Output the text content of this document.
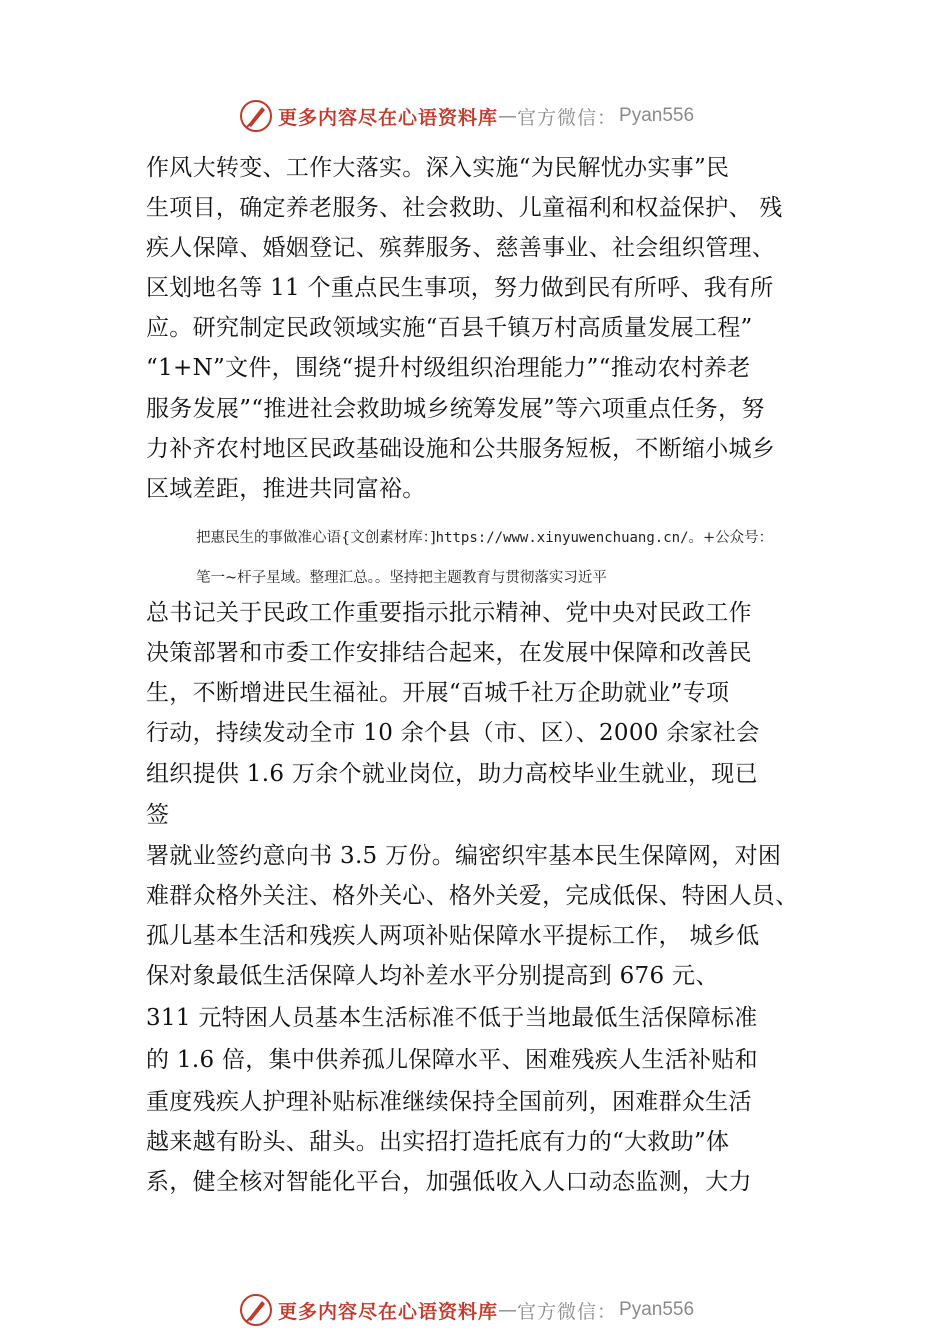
更多内容尽在心语资料库 — 官方微信： Pyan556
作风大转变、工作大落实。深入实施“为民解忧办实事”民
生项目，确定养老服务、社会救助、儿童福利和权益保护、 残
疾人保障、婚姻登记、殡葬服务、慈善事业、社会组织管理、
区划地名等 11 个重点民生事项，努力做到民有所呼、我有所
应。研究制定民政领域实施“百县千镇万村高质量发展工程”
“1+N”文件，围绕“提升村级组织治理能力”“推动农村养老
服务发展”“推进社会救助城乡统筹发展”等六项重点任务，努
力补齐农村地区民政基础设施和公共服务短板，不断缩小城乡
区域差距，推进共同富裕。
把惠民生的事做准心语{文创素材库：]https://www.xinyuwenchuang.cn/。+公众号：
笔一~杆子星域。整理汇总。。坚持把主题教育与贯彻落实习近平
总书记关于民政工作重要指示批示精神、党中央对民政工作
决策部署和市委工作安排结合起来，在发展中保障和改善民
生，不断增进民生福祉。开展“百城千社万企助就业”专项
行动，持续发动全市 10 余个县（市、区）、2000 余家社会
组织提供 1.6 万余个就业岗位，助力高校毕业生就业，现已
签
署就业签约意向书 3.5 万份。编密织牢基本民生保障网，对困
难群众格外关注、格外关心、格外关爱，完成低保、特困人员、
孤儿基本生活和残疾人两项补贴保障水平提标工作， 城乡低
保对象最低生活保障人均补差水平分别提高到 676 元、
311 元特困人员基本生活标准不低于当地最低生活保障标准
的 1.6 倍，集中供养孤儿保障水平、困难残疾人生活补贴和
重度残疾人护理补贴标准继续保持全国前列，困难群众生活
越来越有盼头、甜头。出实招打造托底有力的“大救助”体
系，健全核对智能化平台，加强低收入人口动态监测，大力
更多内容尽在心语资料库 — 官方微信： Pyan556
